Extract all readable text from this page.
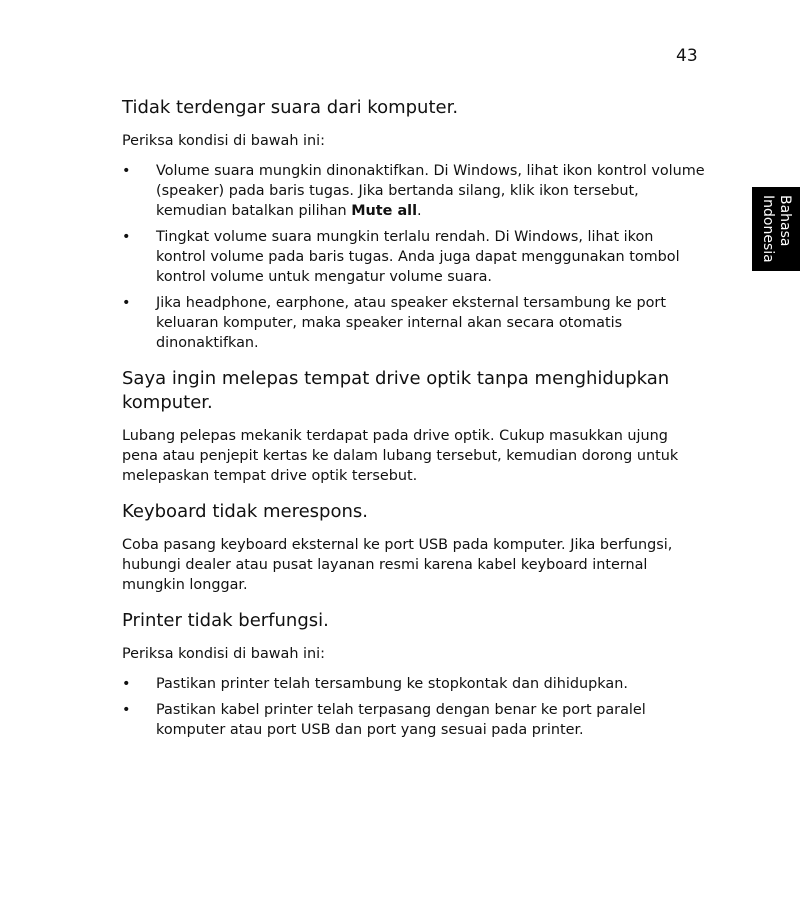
43
Bahasa
Indonesia
Tidak terdengar suara dari komputer.

Periksa kondisi di bawah ini:

• Volume suara mungkin dinonaktifkan. Di Windows, lihat ikon kontrol volume (speaker) pada baris tugas. Jika bertanda silang, klik ikon tersebut, kemudian batalkan pilihan Mute all.
• Tingkat volume suara mungkin terlalu rendah. Di Windows, lihat ikon kontrol volume pada baris tugas. Anda juga dapat menggunakan tombol kontrol volume untuk mengatur volume suara.
• Jika headphone, earphone, atau speaker eksternal tersambung ke port keluaran komputer, maka speaker internal akan secara otomatis dinonaktifkan.
Saya ingin melepas tempat drive optik tanpa menghidupkan komputer.

Lubang pelepas mekanik terdapat pada drive optik. Cukup masukkan ujung pena atau penjepit kertas ke dalam lubang tersebut, kemudian dorong untuk melepaskan tempat drive optik tersebut.

Keyboard tidak merespons.

Coba pasang keyboard eksternal ke port USB pada komputer. Jika berfungsi, hubungi dealer atau pusat layanan resmi karena kabel keyboard internal mungkin longgar.

Printer tidak berfungsi.

Periksa kondisi di bawah ini:

• Pastikan printer telah tersambung ke stopkontak dan dihidupkan.
• Pastikan kabel printer telah terpasang dengan benar ke port paralel komputer atau port USB dan port yang sesuai pada printer.
